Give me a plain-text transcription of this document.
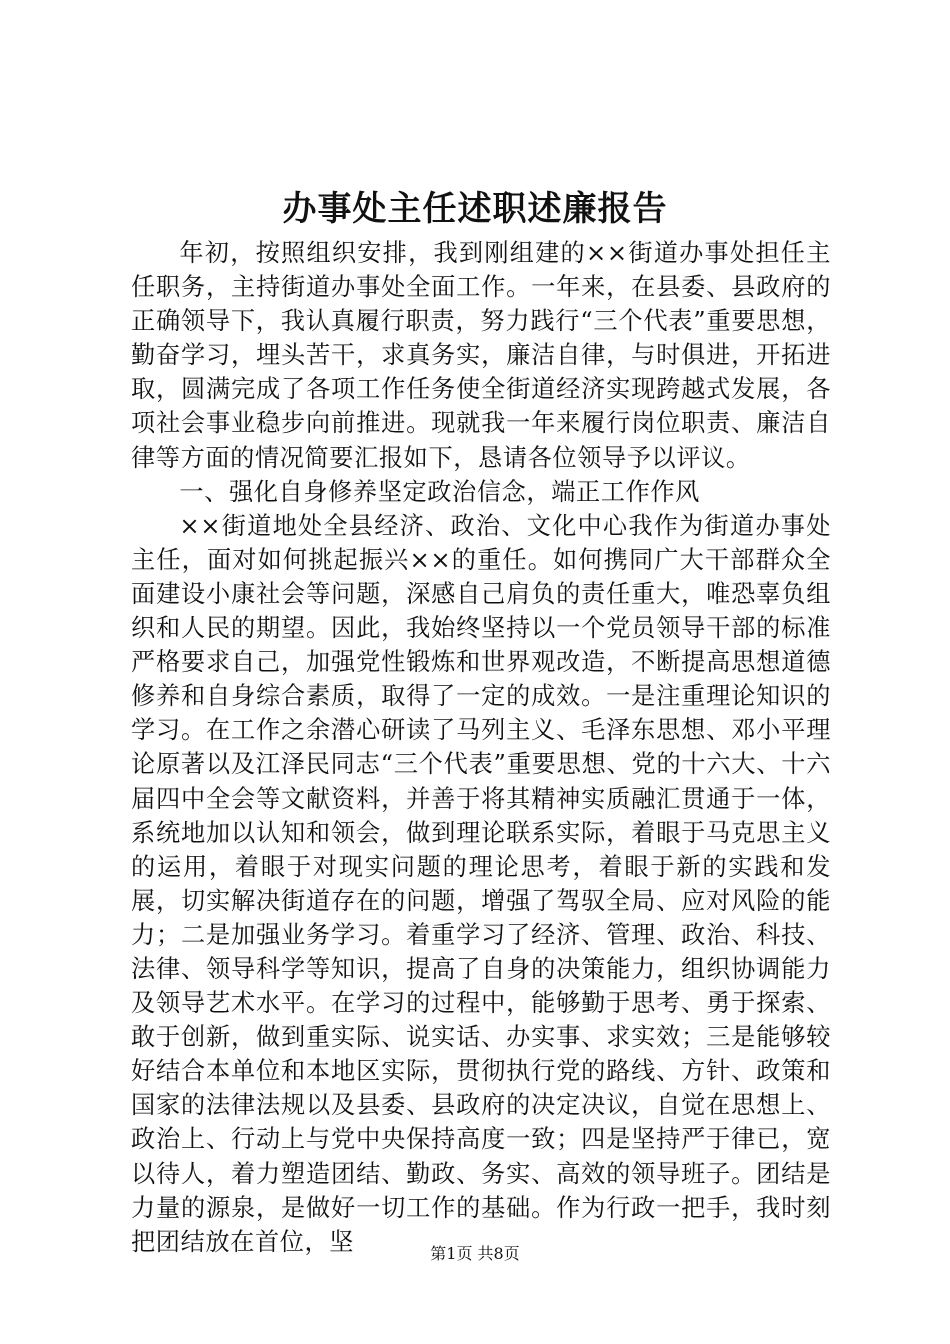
办事处主任述职述廉报告

年初，按照组织安排，我到刚组建的××街道办事处担任主任职务，主持街道办事处全面工作。一年来，在县委、县政府的正确领导下，我认真履行职责，努力践行“三个代表”重要思想，勤奋学习，埋头苦干，求真务实，廉洁自律，与时俱进，开拓进取，圆满完成了各项工作任务使全街道经济实现跨越式发展，各项社会事业稳步向前推进。现就我一年来履行岗位职责、廉洁自律等方面的情况简要汇报如下，恳请各位领导予以评议。

一、强化自身修养坚定政治信念，端正工作作风

××街道地处全县经济、政治、文化中心我作为街道办事处主任，面对如何挑起振兴××的重任。如何携同广大干部群众全面建设小康社会等问题，深感自己肩负的责任重大，唯恐辜负组织和人民的期望。因此，我始终坚持以一个党员领导干部的标准严格要求自己，加强党性锻炼和世界观改造，不断提高思想道德修养和自身综合素质，取得了一定的成效。一是注重理论知识的学习。在工作之余潜心研读了马列主义、毛泽东思想、邓小平理论原著以及江泽民同志“三个代表”重要思想、党的十六大、十六届四中全会等文献资料，并善于将其精神实质融汇贯通于一体，系统地加以认知和领会，做到理论联系实际，着眼于马克思主义的运用，着眼于对现实问题的理论思考，着眼于新的实践和发展，切实解决街道存在的问题，增强了驾驭全局、应对风险的能力；二是加强业务学习。着重学习了经济、管理、政治、科技、法律、领导科学等知识，提高了自身的决策能力，组织协调能力及领导艺术水平。在学习的过程中，能够勤于思考、勇于探索、敢于创新，做到重实际、说实话、办实事、求实效；三是能够较好结合本单位和本地区实际，贯彻执行党的路线、方针、政策和国家的法律法规以及县委、县政府的决定决议，自觉在思想上、政治上、行动上与党中央保持高度一致；四是坚持严于律已，宽以待人，着力塑造团结、勤政、务实、高效的领导班子。团结是力量的源泉，是做好一切工作的基础。作为行政一把手，我时刻把团结放在首位，坚	第1页 共8页
